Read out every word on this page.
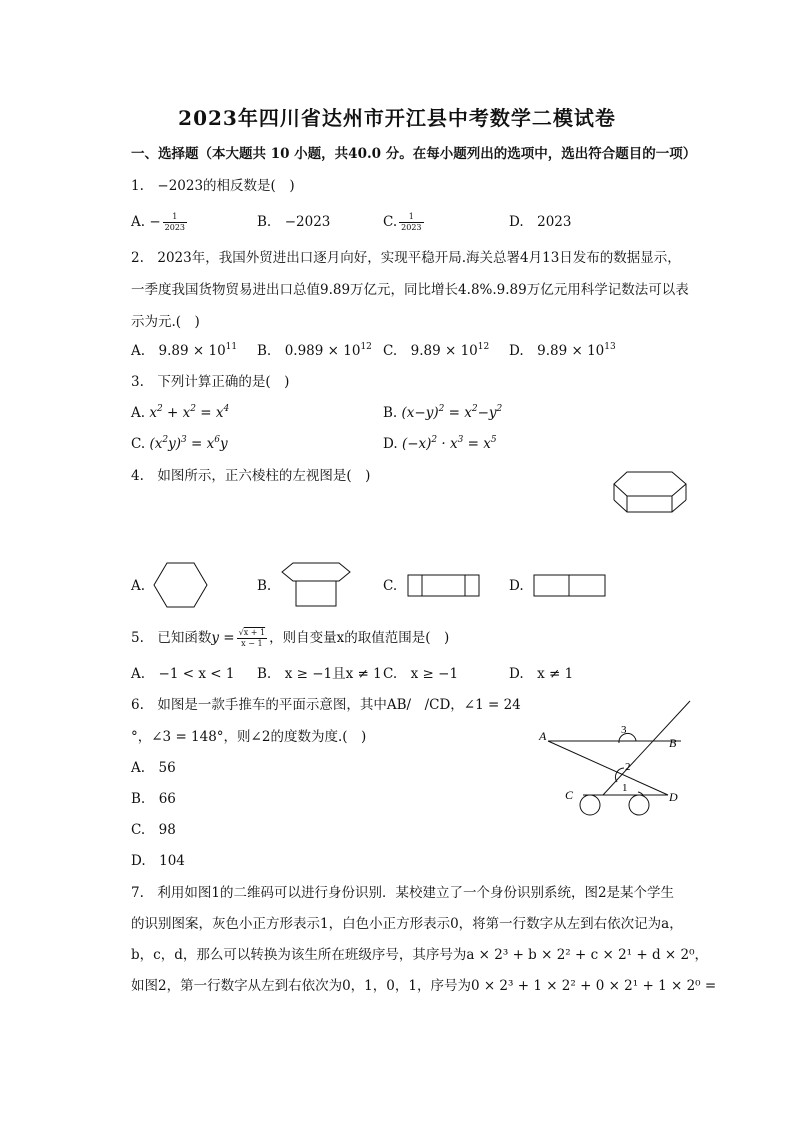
2023年四川省达州市开江县中考数学二模试卷
一、选择题（本大题共 10 小题，共40.0 分。在每小题列出的选项中，选出符合题目的一项）
1.　−2023的相反数是(　)
A. − $\frac{1}{2023}$	B.　−2023	C. $\frac{1}{2023}$	D.　2023
2.　2023年，我国外贸进出口逐月向好，实现平稳开局.海关总署4月13日发布的数据显示，
一季度我国货物贸易进出口总值9.89万亿元，同比增长4.8%.9.89万亿元用科学记数法可以表
示为元.(　)
A.　$9.89 \times 10^{11}$ B.　$0.989 \times 10^{12}$ C.　$9.89 \times 10^{12}$ D.　$9.89 \times 10^{13}$
3.　下列计算正确的是(　)
A. $x^2 + x^2 = x^4$	B. $(x-y)^2 = x^2-y^2$
C. $(x^2y)^3 = x^6y$	D. $(-x)^2 \cdot x^3 = x^5$
4.　如图所示，正六棱柱的左视图是(　)
A.	B.	C.	D.
5.　已知函数$y = \frac{√x + 1}{x - 1}$ ，则自变量x的取值范围是(　)
A.　−1 < x < 1 B.　x ≥ −1且x ≠ 1 C.　x ≥ −1	D.　x ≠ 1
6.　如图是一款手推车的平面示意图，其中AB/　/CD，∠1 = 24
°，∠3 = 148°，则∠2的度数为度.(　)
A.　56
B.　66
C.　98
D.　104
A	B
C	D
1
2
3
7.　利用如图1的二维码可以进行身份识别．某校建立了一个身份识别系统，图2是某个学生
的识别图案，灰色小正方形表示1，白色小正方形表示0，将第一行数字从左到右依次记为a，
b，c，d，那么可以转换为该生所在班级序号，其序号为a × 2³ + b × 2² + c × 2¹ + d × 2⁰，
如图2，第一行数字从左到右依次为0，1，0，1，序号为0 × 2³ + 1 × 2² + 0 × 2¹ + 1 × 2⁰ =
